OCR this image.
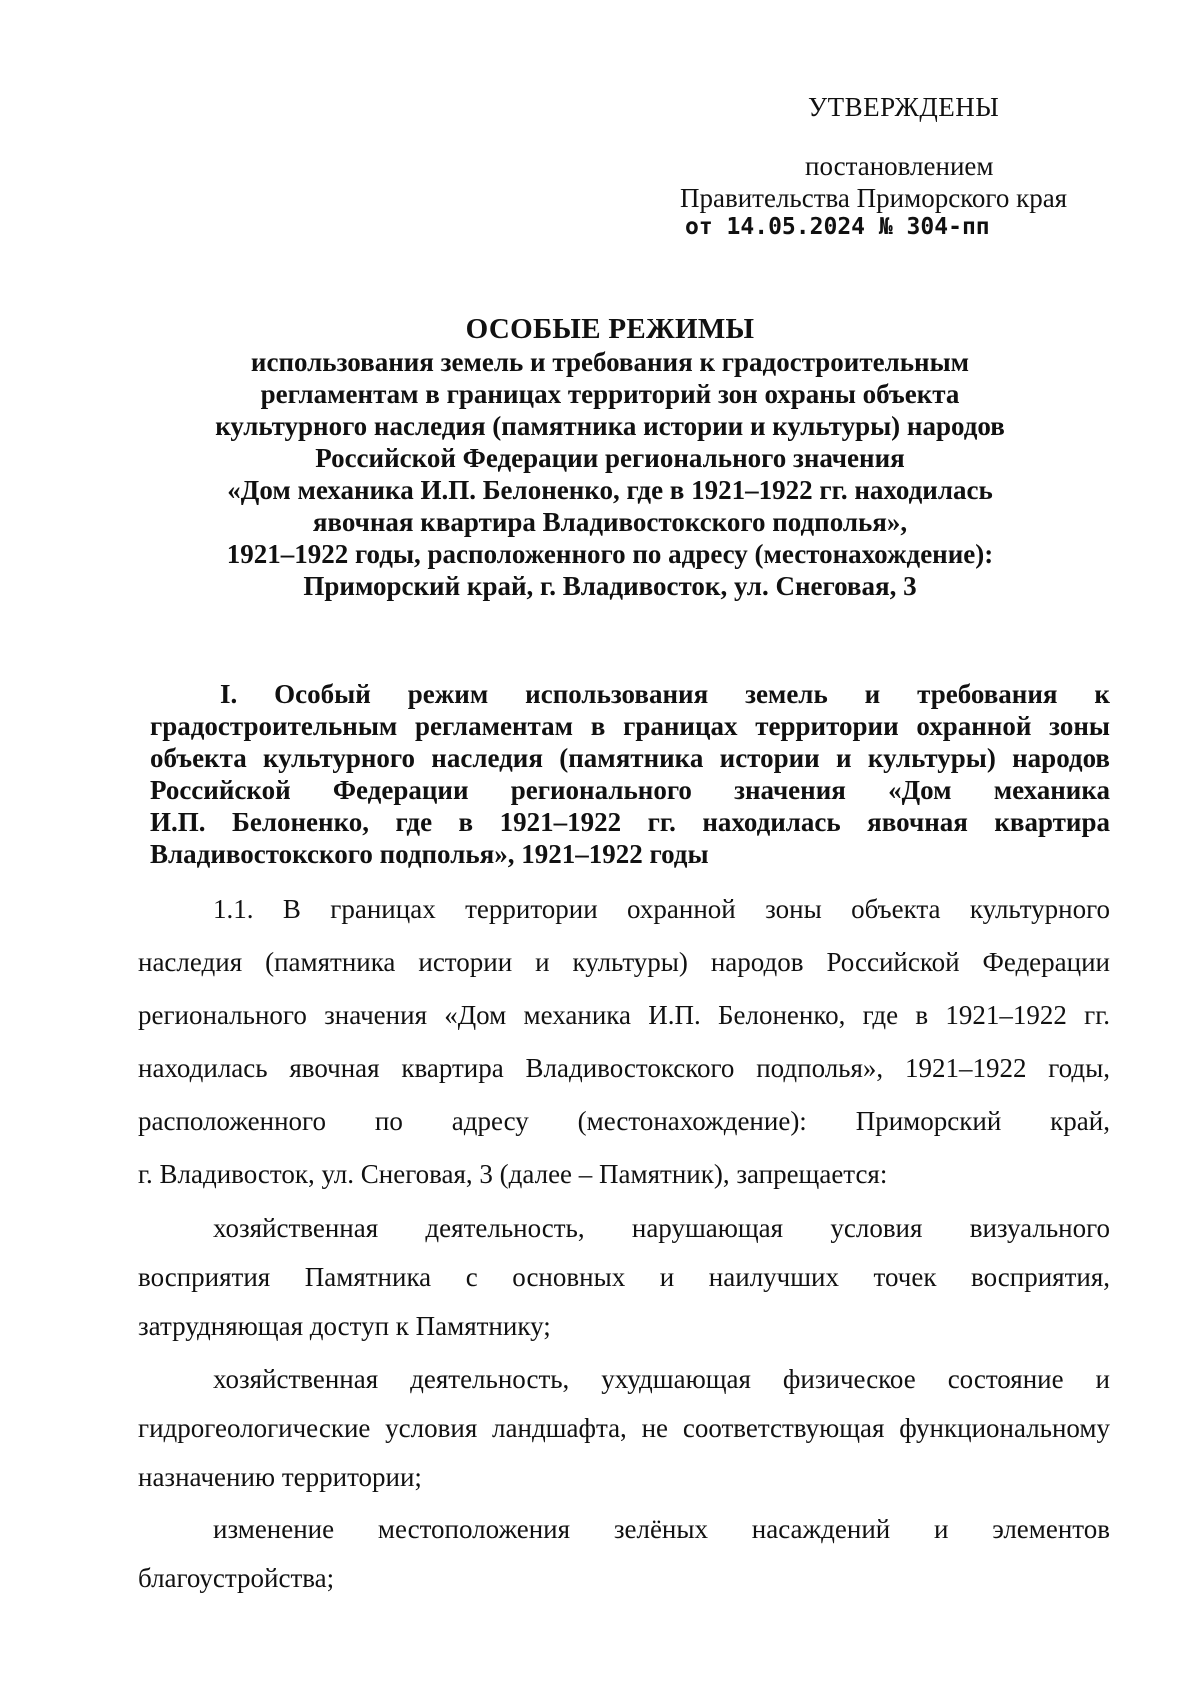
УТВЕРЖДЕНЫ

постановлением

Правительства Приморского края

от 14.05.2024 № 304-пп

ОСОБЫЕ РЕЖИМЫ
использования земель и требования к градостроительным
регламентам в границах территорий зон охраны объекта
культурного наследия (памятника истории и культуры) народов
Российской Федерации регионального значения
«Дом механика И.П. Белоненко, где в 1921–1922 гг. находилась
явочная квартира Владивостокского подполья»,
1921–1922 годы, расположенного по адресу (местонахождение):
Приморский край, г. Владивосток, ул. Снеговая, 3
I. Особый режим использования земель и требования к
градостроительным регламентам в границах территории охранной зоны
объекта культурного наследия (памятника истории и культуры) народов
Российской Федерации регионального значения «Дом механика
И.П. Белоненко, где в 1921–1922 гг. находилась явочная квартира
Владивостокского подполья», 1921–1922 годы
1.1. В границах территории охранной зоны объекта культурного
наследия (памятника истории и культуры) народов Российской Федерации
регионального значения «Дом механика И.П. Белоненко, где в 1921–1922 гг.
находилась явочная квартира Владивостокского подполья», 1921–1922 годы,
расположенного по адресу (местонахождение): Приморский край,
г. Владивосток, ул. Снеговая, 3 (далее – Памятник), запрещается:
хозяйственная деятельность, нарушающая условия визуального
восприятия Памятника с основных и наилучших точек восприятия,
затрудняющая доступ к Памятнику;
хозяйственная деятельность, ухудшающая физическое состояние и
гидрогеологические условия ландшафта, не соответствующая функциональному
назначению территории;
изменение местоположения зелёных насаждений и элементов
благоустройства;
